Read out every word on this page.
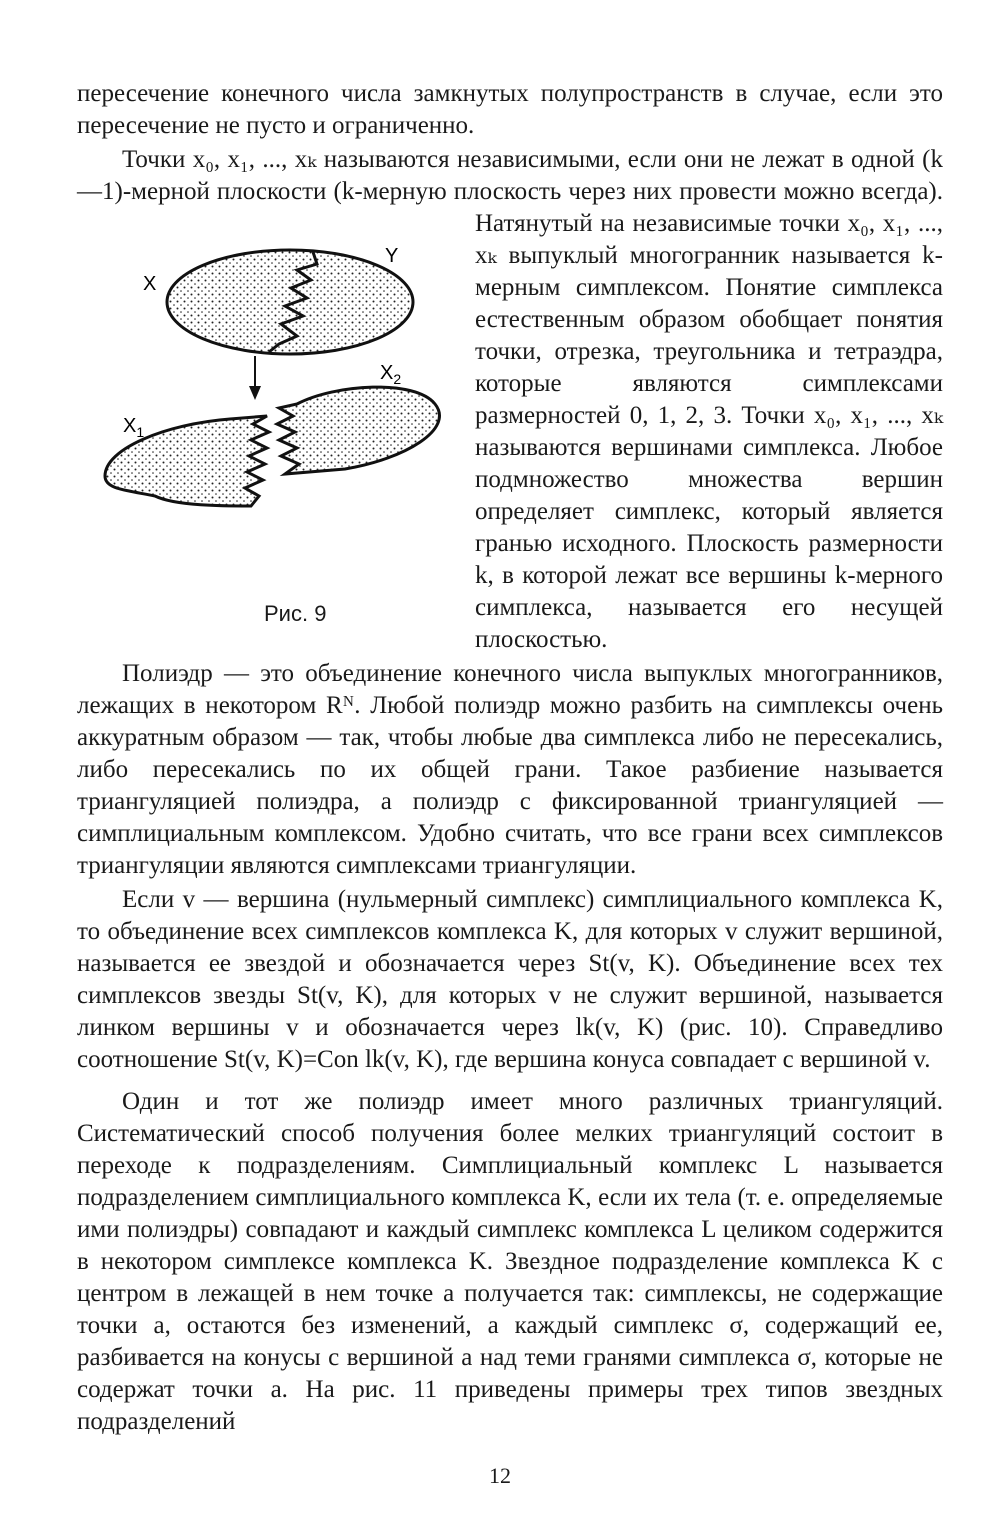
пересечение конечного числа замкнутых полупространств в случае, если это пересечение не пусто и ограниченно.

Точки x₀, x₁, ..., xₖ называются независимыми, если они не лежат в одной (k—1)-мерной плоскости (k-мерную плоскость через них провести можно всегда). Натянутый на независимые точки
X
Y
$X_1$
$X_2$
Рис. 9
x₀, x₁, ..., xₖ выпуклый многогранник называется k-мерным симплексом. Понятие симплекса естественным образом обобщает понятия точки, отрезка, треугольника и тетраэдра, которые являются симплексами размерностей 0, 1, 2, 3. Точки x₀, x₁, ..., xₖ называются вершинами симплекса. Любое подмножество множества вершин определяет симплекс, который является гранью исходного. Плоскость размерности k, в которой лежат все вершины k-мерного симплекса, называется его несущей плоскостью.

Полиэдр — это объединение конечного числа выпуклых многогранников, лежащих в некотором Rᴺ. Любой полиэдр можно разбить на симплексы очень аккуратным образом — так, чтобы любые два симплекса либо не пересекались, либо пересекались по их общей грани. Такое разбиение называется триангуляцией полиэдра, а полиэдр с фиксированной триангуляцией — симплициальным комплексом. Удобно считать, что все грани всех симплексов триангуляции являются симплексами триангуляции.

Если v — вершина (нульмерный симплекс) симплициального комплекса K, то объединение всех симплексов комплекса K, для которых v служит вершиной, называется ее звездой и обозначается через St(v, K). Объединение всех тех симплексов звезды St(v, K), для которых v не служит вершиной, называется линком вершины v и обозначается через lk(v, K) (рис. 10). Справедливо соотношение St(v, K)=Con lk(v, K), где вершина конуса совпадает с вершиной v.

Один и тот же полиэдр имеет много различных триангуляций. Систематический способ получения более мелких триангуляций состоит в переходе к подразделениям. Симплициальный комплекс L называется подразделением симплициального комплекса K, если их тела (т. е. определяемые ими полиэдры) совпадают и каждый симплекс комплекса L целиком содержится в некотором симплексе комплекса K. Звездное подразделение комплекса K с центром в лежащей в нем точке a получается так: симплексы, не содержащие точки a, остаются без изменений, а каждый симплекс σ, содержащий ее, разбивается на конусы с вершиной a над теми гранями симплекса σ, которые не содержат точки a. На рис. 11 приведены примеры трех типов звездных подразделений

12
